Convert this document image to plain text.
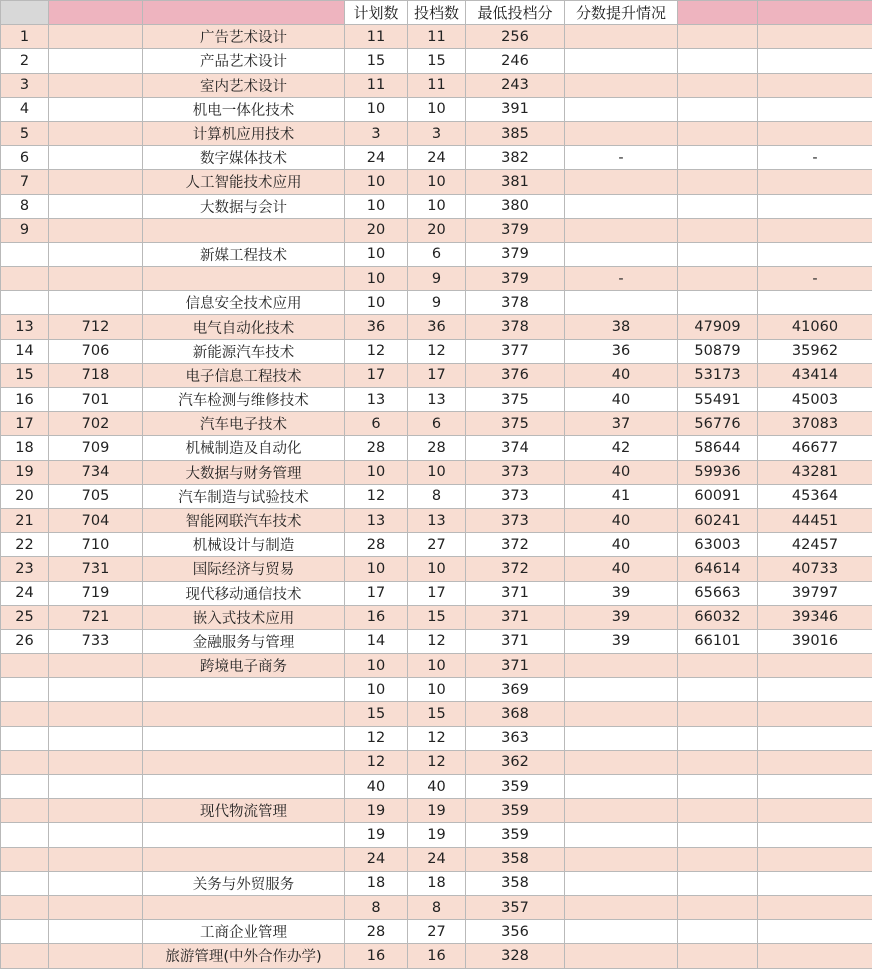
			计划数	投档数	最低投档分	分数提升情况		
1		广告艺术设计	11	11	256			
2		产品艺术设计	15	15	246			
3		室内艺术设计	11	11	243			
4		机电一体化技术	10	10	391			
5		计算机应用技术	3	3	385			
6		数字媒体技术	24	24	382	-		-
7		人工智能技术应用	10	10	381			
8		大数据与会计	10	10	380			
9			20	20	379			
		新媒工程技术	10	6	379			
			10	9	379	-		-
		信息安全技术应用	10	9	378			
13	712	电气自动化技术	36	36	378	38	47909	41060
14	706	新能源汽车技术	12	12	377	36	50879	35962
15	718	电子信息工程技术	17	17	376	40	53173	43414
16	701	汽车检测与维修技术	13	13	375	40	55491	45003
17	702	汽车电子技术	6	6	375	37	56776	37083
18	709	机械制造及自动化	28	28	374	42	58644	46677
19	734	大数据与财务管理	10	10	373	40	59936	43281
20	705	汽车制造与试验技术	12	8	373	41	60091	45364
21	704	智能网联汽车技术	13	13	373	40	60241	44451
22	710	机械设计与制造	28	27	372	40	63003	42457
23	731	国际经济与贸易	10	10	372	40	64614	40733
24	719	现代移动通信技术	17	17	371	39	65663	39797
25	721	嵌入式技术应用	16	15	371	39	66032	39346
26	733	金融服务与管理	14	12	371	39	66101	39016
		跨境电子商务	10	10	371			
			10	10	369			
			15	15	368			
			12	12	363			
			12	12	362			
			40	40	359			
		现代物流管理	19	19	359			
			19	19	359			
			24	24	358			
		关务与外贸服务	18	18	358			
			8	8	357			
		工商企业管理	28	27	356			
		旅游管理(中外合作办学)	16	16	328			
